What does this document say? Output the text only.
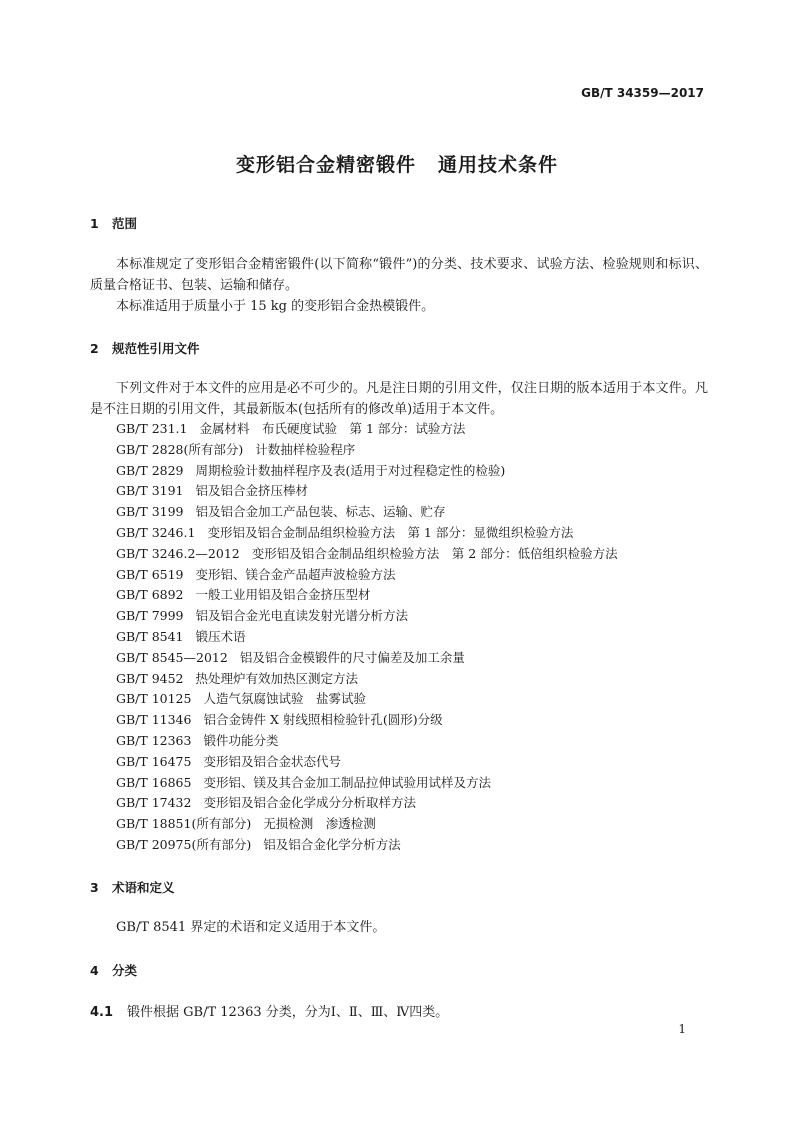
GB/T 34359—2017
变形铝合金精密锻件 通用技术条件
1 范围
本标准规定了变形铝合金精密锻件(以下简称“锻件”)的分类、技术要求、试验方法、检验规则和标识、质量合格证书、包装、运输和储存。
本标准适用于质量小于 15 kg 的变形铝合金热模锻件。
2 规范性引用文件
下列文件对于本文件的应用是必不可少的。凡是注日期的引用文件，仅注日期的版本适用于本文件。凡是不注日期的引用文件，其最新版本(包括所有的修改单)适用于本文件。
GB/T 231.1 金属材料　布氏硬度试验　第 1 部分：试验方法
GB/T 2828(所有部分) 计数抽样检验程序
GB/T 2829 周期检验计数抽样程序及表(适用于对过程稳定性的检验)
GB/T 3191 铝及铝合金挤压棒材
GB/T 3199 铝及铝合金加工产品包装、标志、运输、贮存
GB/T 3246.1 变形铝及铝合金制品组织检验方法　第 1 部分：显微组织检验方法
GB/T 3246.2—2012 变形铝及铝合金制品组织检验方法　第 2 部分：低倍组织检验方法
GB/T 6519 变形铝、镁合金产品超声波检验方法
GB/T 6892 一般工业用铝及铝合金挤压型材
GB/T 7999 铝及铝合金光电直读发射光谱分析方法
GB/T 8541 锻压术语
GB/T 8545—2012 铝及铝合金模锻件的尺寸偏差及加工余量
GB/T 9452 热处理炉有效加热区测定方法
GB/T 10125 人造气氛腐蚀试验　盐雾试验
GB/T 11346 铝合金铸件 X 射线照相检验针孔(圆形)分级
GB/T 12363 锻件功能分类
GB/T 16475 变形铝及铝合金状态代号
GB/T 16865 变形铝、镁及其合金加工制品拉伸试验用试样及方法
GB/T 17432 变形铝及铝合金化学成分分析取样方法
GB/T 18851(所有部分) 无损检测　渗透检测
GB/T 20975(所有部分) 铝及铝合金化学分析方法
3 术语和定义
GB/T 8541 界定的术语和定义适用于本文件。
4 分类
4.1 锻件根据 GB/T 12363 分类，分为Ⅰ、Ⅱ、Ⅲ、Ⅳ四类。
1
